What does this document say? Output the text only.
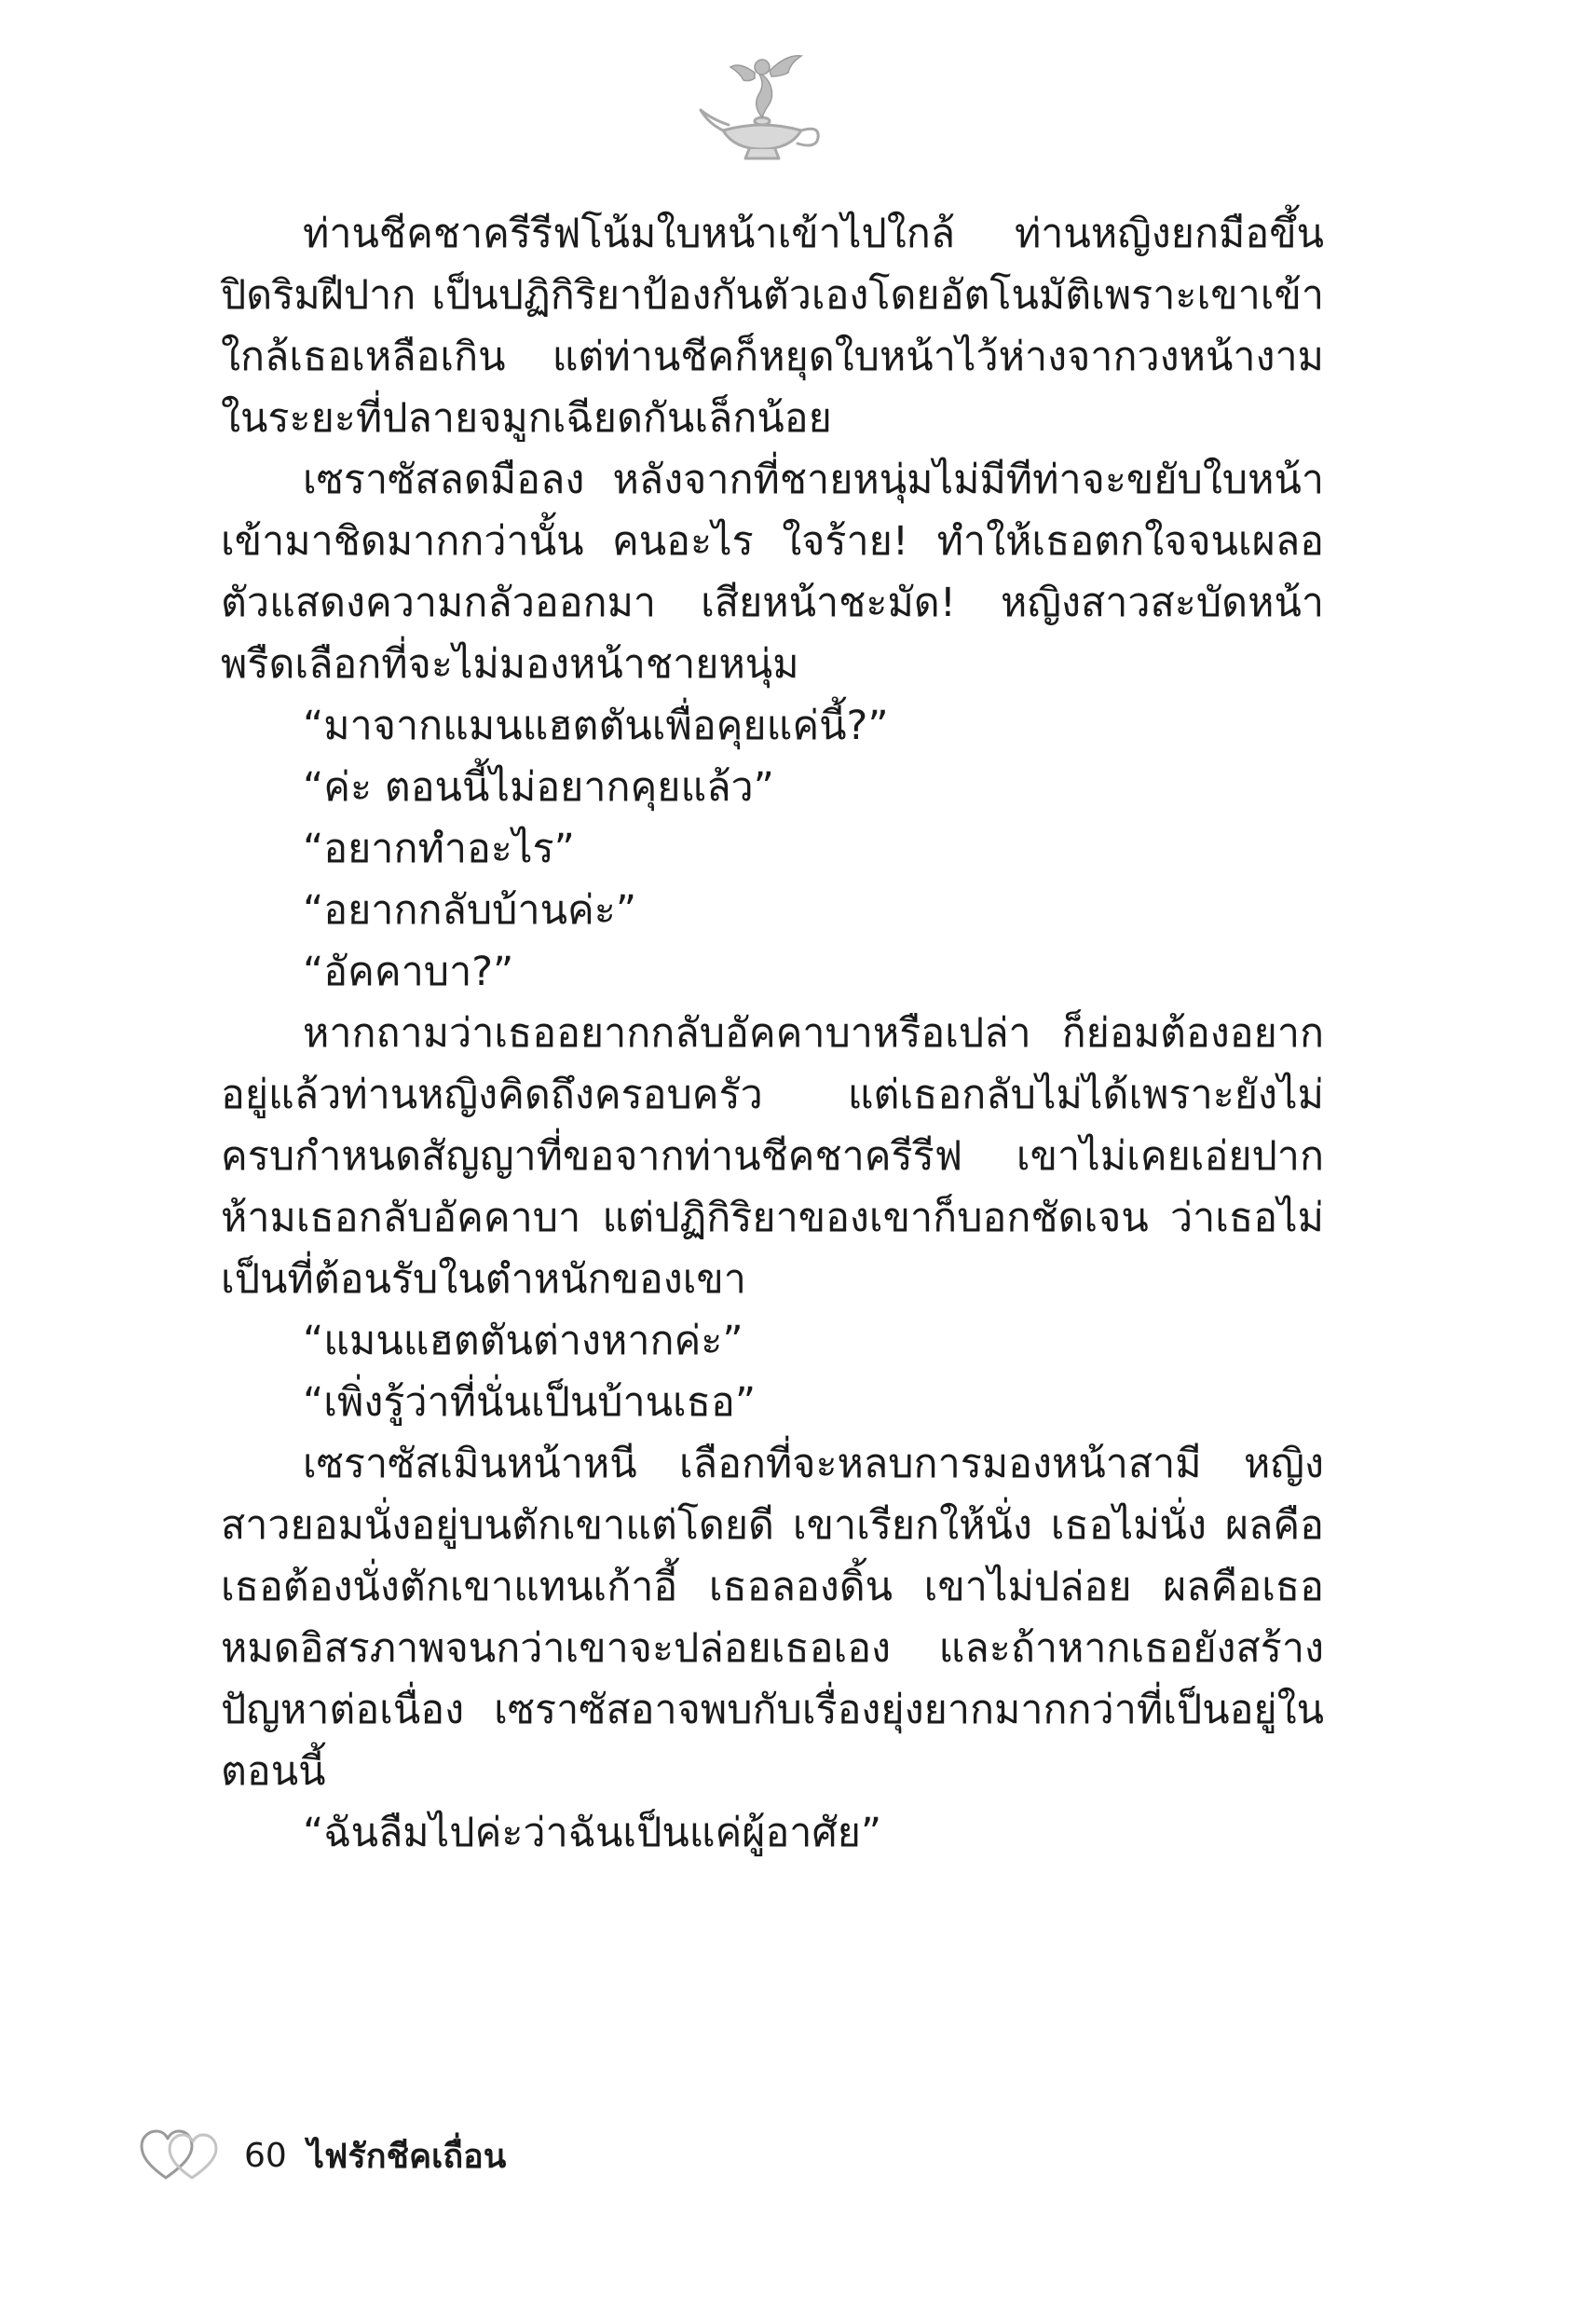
ท่านชีคชาครีรีฟโน้มใบหน้าเข้าไปใกล้ ท่านหญิงยกมือขึ้นปิดริมฝีปาก เป็นปฏิกิริยาป้องกันตัวเองโดยอัตโนมัติเพราะเขาเข้าใกล้เธอเหลือเกิน แต่ท่านชีคก็หยุดใบหน้าไว้ห่างจากวงหน้างามในระยะที่ปลายจมูกเฉียดกันเล็กน้อย

เซราซัสลดมือลง หลังจากที่ชายหนุ่มไม่มีทีท่าจะขยับใบหน้าเข้ามาชิดมากกว่านั้น คนอะไร ใจร้าย! ทำให้เธอตกใจจนเผลอตัวแสดงความกลัวออกมา เสียหน้าชะมัด! หญิงสาวสะบัดหน้าพรืดเลือกที่จะไม่มองหน้าชายหนุ่ม

“มาจากแมนแฮตตันเพื่อคุยแค่นี้?”

“ค่ะ ตอนนี้ไม่อยากคุยแล้ว”

“อยากทำอะไร”

“อยากกลับบ้านค่ะ”

“อัคคาบา?”

หากถามว่าเธออยากกลับอัคคาบาหรือเปล่า ก็ย่อมต้องอยากอยู่แล้วท่านหญิงคิดถึงครอบครัว แต่เธอกลับไม่ได้เพราะยังไม่ครบกำหนดสัญญาที่ขอจากท่านชีคชาครีรีฟ เขาไม่เคยเอ่ยปากห้ามเธอกลับอัคคาบา แต่ปฏิกิริยาของเขาก็บอกชัดเจน ว่าเธอไม่เป็นที่ต้อนรับในตำหนักของเขา

“แมนแฮตตันต่างหากค่ะ”

“เพิ่งรู้ว่าที่นั่นเป็นบ้านเธอ”

เซราซัสเมินหน้าหนี เลือกที่จะหลบการมองหน้าสามี หญิงสาวยอมนั่งอยู่บนตักเขาแต่โดยดี เขาเรียกให้นั่ง เธอไม่นั่ง ผลคือเธอต้องนั่งตักเขาแทนเก้าอี้ เธอลองดิ้น เขาไม่ปล่อย ผลคือเธอหมดอิสรภาพจนกว่าเขาจะปล่อยเธอเอง และถ้าหากเธอยังสร้างปัญหาต่อเนื่อง เซราซัสอาจพบกับเรื่องยุ่งยากมากกว่าที่เป็นอยู่ในตอนนี้

“ฉันลืมไปค่ะว่าฉันเป็นแค่ผู้อาศัย”

60 ไฟรักชีคเถื่อน
